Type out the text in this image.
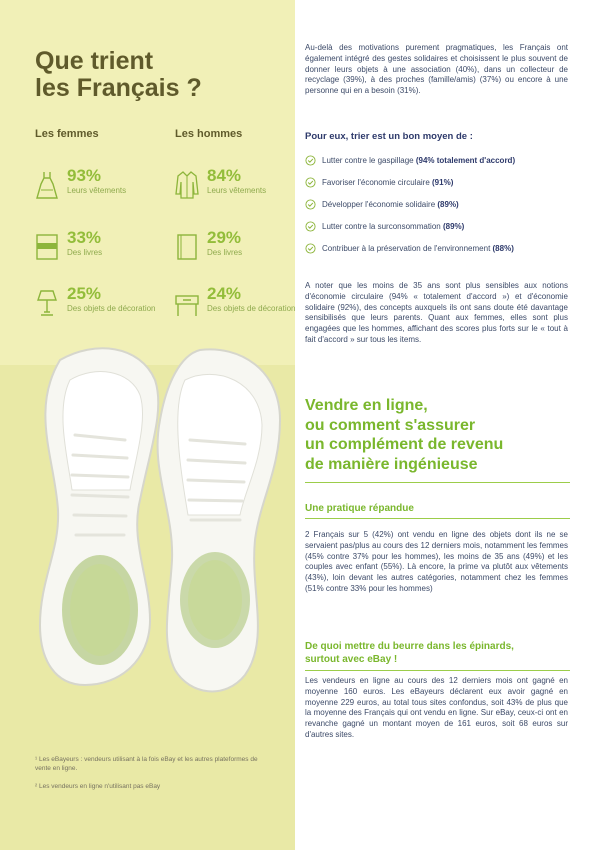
Que trient
les Français ?
Les femmes	Les hommes
93%
Leurs vêtements
33%
Des livres
25%
Des objets de décoration
84%
Leurs vêtements
29%
Des livres
24%
Des objets de décoration
¹ Les eBayeurs : vendeurs utilisant à la fois eBay et les autres plateformes de vente en ligne.
² Les vendeurs en ligne n'utilisant pas eBay

Au-delà des motivations purement pragmatiques, les Français ont également intégré des gestes solidaires et choisissent le plus souvent de donner leurs objets à une association (40%), dans un collecteur de recyclage (39%), à des proches (famille/amis) (37%) ou encore à une personne qui en a besoin (31%).

Pour eux, trier est un bon moyen de :

Lutter contre le gaspillage (94% totalement d'accord)
Favoriser l'économie circulaire (91%)
Développer l'économie solidaire (89%)
Lutter contre la surconsommation (89%)
Contribuer à la préservation de l'environnement (88%)

A noter que les moins de 35 ans sont plus sensibles aux notions d'économie circulaire (94% « totalement d'accord ») et d'économie solidaire (92%), des concepts auxquels ils ont sans doute été davantage sensibilisés que leurs parents. Quant aux femmes, elles sont plus engagées que les hommes, affichant des scores plus forts sur le « tout à fait d'accord » sur tous les items.

Vendre en ligne,
ou comment s'assurer
un complément de revenu
de manière ingénieuse
Une pratique répandue

2 Français sur 5 (42%) ont vendu en ligne des objets dont ils ne se servaient pas/plus au cours des 12 derniers mois, notamment les femmes (45% contre 37% pour les hommes), les moins de 35 ans (49%) et les couples avec enfant (55%). Là encore, la prime va plutôt aux vêtements (43%), loin devant les autres catégories, notamment chez les femmes (51% contre 33% pour les hommes)

De quoi mettre du beurre dans les épinards,
surtout avec eBay !

Les vendeurs en ligne au cours des 12 derniers mois ont gagné en moyenne 160 euros. Les eBayeurs déclarent eux avoir gagné en moyenne 229 euros, au total tous sites confondus, soit 43% de plus que la moyenne des Français qui ont vendu en ligne. Sur eBay, ceux-ci ont en revanche gagné un montant moyen de 161 euros, soit 68 euros sur d'autres sites.
